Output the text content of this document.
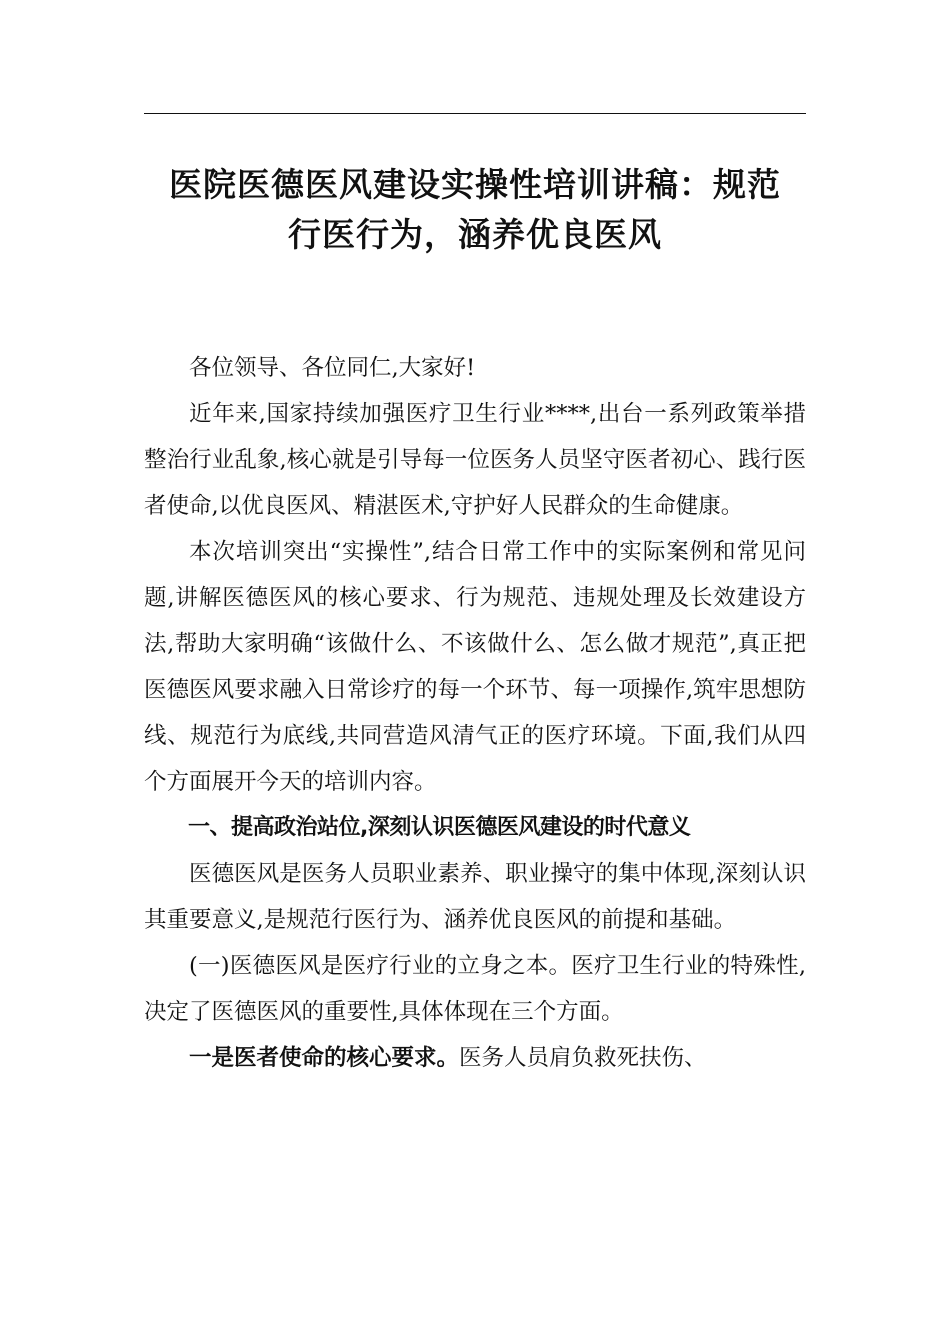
医院医德医风建设实操性培训讲稿：规范
行医行为，涵养优良医风

各位领导、各位同仁,大家好!

近年来,国家持续加强医疗卫生行业****,出台一系列政策举措整治行业乱象,核心就是引导每一位医务人员坚守医者初心、践行医者使命,以优良医风、精湛医术,守护好人民群众的生命健康。

本次培训突出“实操性”,结合日常工作中的实际案例和常见问题,讲解医德医风的核心要求、行为规范、违规处理及长效建设方法,帮助大家明确“该做什么、不该做什么、怎么做才规范”,真正把医德医风要求融入日常诊疗的每一个环节、每一项操作,筑牢思想防线、规范行为底线,共同营造风清气正的医疗环境。下面,我们从四个方面展开今天的培训内容。

一、提高政治站位,深刻认识医德医风建设的时代意义

医德医风是医务人员职业素养、职业操守的集中体现,深刻认识其重要意义,是规范行医行为、涵养优良医风的前提和基础。

(一)医德医风是医疗行业的立身之本。医疗卫生行业的特殊性,决定了医德医风的重要性,具体体现在三个方面。

一是医者使命的核心要求。医务人员肩负救死扶伤、
